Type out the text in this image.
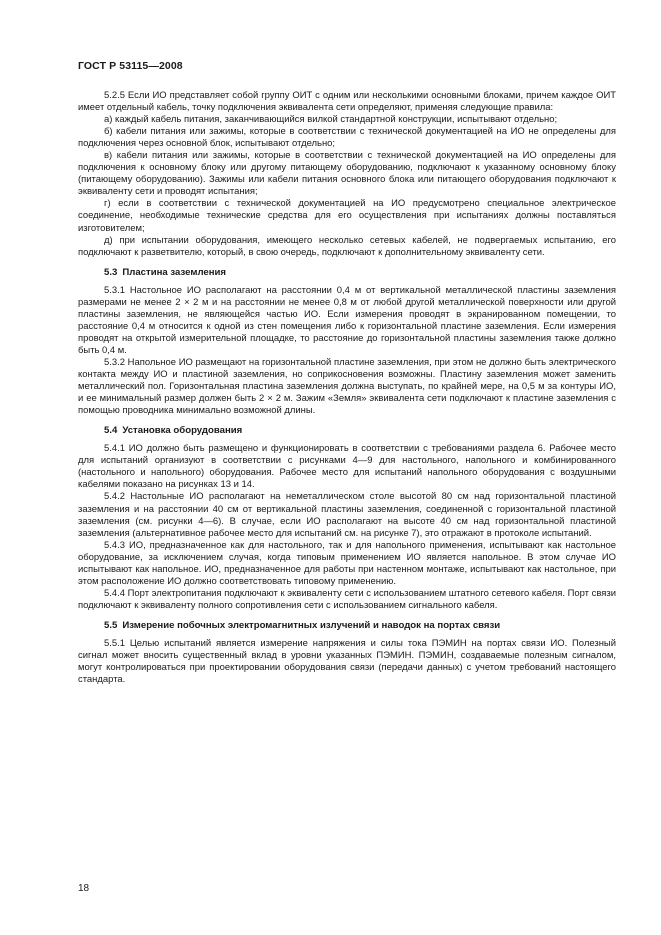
ГОСТ Р 53115—2008

5.2.5 Если ИО представляет собой группу ОИТ с одним или несколькими основными блоками, причем каждое ОИТ имеет отдельный кабель, точку подключения эквивалента сети определяют, применяя следующие правила:

а) каждый кабель питания, заканчивающийся вилкой стандартной конструкции, испытывают отдельно;

б) кабели питания или зажимы, которые в соответствии с технической документацией на ИО не определены для подключения через основной блок, испытывают отдельно;

в) кабели питания или зажимы, которые в соответствии с технической документацией на ИО определены для подключения к основному блоку или другому питающему оборудованию, подключают к указанному основному блоку (питающему оборудованию). Зажимы или кабели питания основного блока или питающего оборудования подключают к эквиваленту сети и проводят испытания;

г) если в соответствии с технической документацией на ИО предусмотрено специальное электрическое соединение, необходимые технические средства для его осуществления при испытаниях должны поставляться изготовителем;

д) при испытании оборудования, имеющего несколько сетевых кабелей, не подвергаемых испытанию, его подключают к разветвителю, который, в свою очередь, подключают к дополнительному эквиваленту сети.

5.3 Пластина заземления

5.3.1 Настольное ИО располагают на расстоянии 0,4 м от вертикальной металлической пластины заземления размерами не менее 2 × 2 м и на расстоянии не менее 0,8 м от любой другой металлической поверхности или другой пластины заземления, не являющейся частью ИО. Если измерения проводят в экранированном помещении, то расстояние 0,4 м относится к одной из стен помещения либо к горизонтальной пластине заземления. Если измерения проводят на открытой измерительной площадке, то расстояние до горизонтальной пластины заземления также должно быть 0,4 м.

5.3.2 Напольное ИО размещают на горизонтальной пластине заземления, при этом не должно быть электрического контакта между ИО и пластиной заземления, но соприкосновения возможны. Пластину заземления может заменить металлический пол. Горизонтальная пластина заземления должна выступать, по крайней мере, на 0,5 м за контуры ИО, и ее минимальный размер должен быть 2 × 2 м. Зажим «Земля» эквивалента сети подключают к пластине заземления с помощью проводника минимально возможной длины.

5.4 Установка оборудования

5.4.1 ИО должно быть размещено и функционировать в соответствии с требованиями раздела 6. Рабочее место для испытаний организуют в соответствии с рисунками 4—9 для настольного, напольного и комбинированного (настольного и напольного) оборудования. Рабочее место для испытаний напольного оборудования с воздушными кабелями показано на рисунках 13 и 14.

5.4.2 Настольные ИО располагают на неметаллическом столе высотой 80 см над горизонтальной пластиной заземления и на расстоянии 40 см от вертикальной пластины заземления, соединенной с горизонтальной пластиной заземления (см. рисунки 4—6). В случае, если ИО располагают на высоте 40 см над горизонтальной пластиной заземления (альтернативное рабочее место для испытаний см. на рисунке 7), это отражают в протоколе испытаний.

5.4.3 ИО, предназначенное как для настольного, так и для напольного применения, испытывают как настольное оборудование, за исключением случая, когда типовым применением ИО является напольное. В этом случае ИО испытывают как напольное. ИО, предназначенное для работы при настенном монтаже, испытывают как настольное, при этом расположение ИО должно соответствовать типовому применению.

5.4.4 Порт электропитания подключают к эквиваленту сети с использованием штатного сетевого кабеля. Порт связи подключают к эквиваленту полного сопротивления сети с использованием сигнального кабеля.

5.5 Измерение побочных электромагнитных излучений и наводок на портах связи

5.5.1 Целью испытаний является измерение напряжения и силы тока ПЭМИН на портах связи ИО. Полезный сигнал может вносить существенный вклад в уровни указанных ПЭМИН. ПЭМИН, создаваемые полезным сигналом, могут контролироваться при проектировании оборудования связи (передачи данных) с учетом требований настоящего стандарта.

18
